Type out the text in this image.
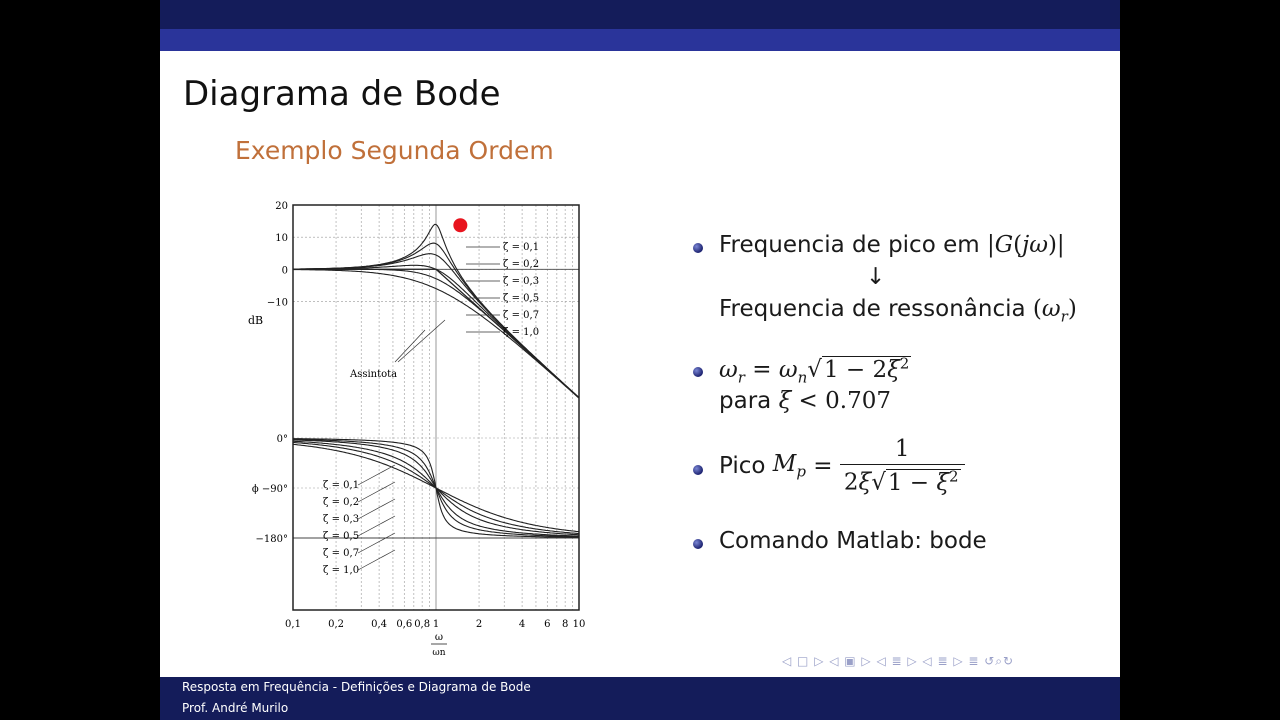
Diagrama de Bode
Exemplo Segunda Ordem
20
10
0
−10
0°
ϕ −90°
−180°
0,1	0,2	0,4 0,6 0,8 1	2	4 6 8 10
ζ = 0,1
ζ = 0,2
ζ = 0,3
ζ = 0,5
ζ = 0,7
ζ = 1,0
ζ = 0,1
ζ = 0,2
ζ = 0,3
ζ = 0,5
ζ = 0,7
ζ = 1,0
dB
ω
ωn
Assintota
Frequencia de pico em |G(jω)|
↓
Frequencia de ressonância $(\omega_r)$
$\omega_r = \omega_n√1 - 2\xi^2$
para ξ < 0.707
Pico $M_p = \frac{1}{2\xi√1 - \xi^2}$
Comando Matlab: bode
◁ □ ▷ ◁ ▣ ▷ ◁ ≣ ▷ ◁ ≣ ▷ ≣ ↺⌕↻
Resposta em Frequência - Definições e Diagrama de Bode
Prof. André Murilo
